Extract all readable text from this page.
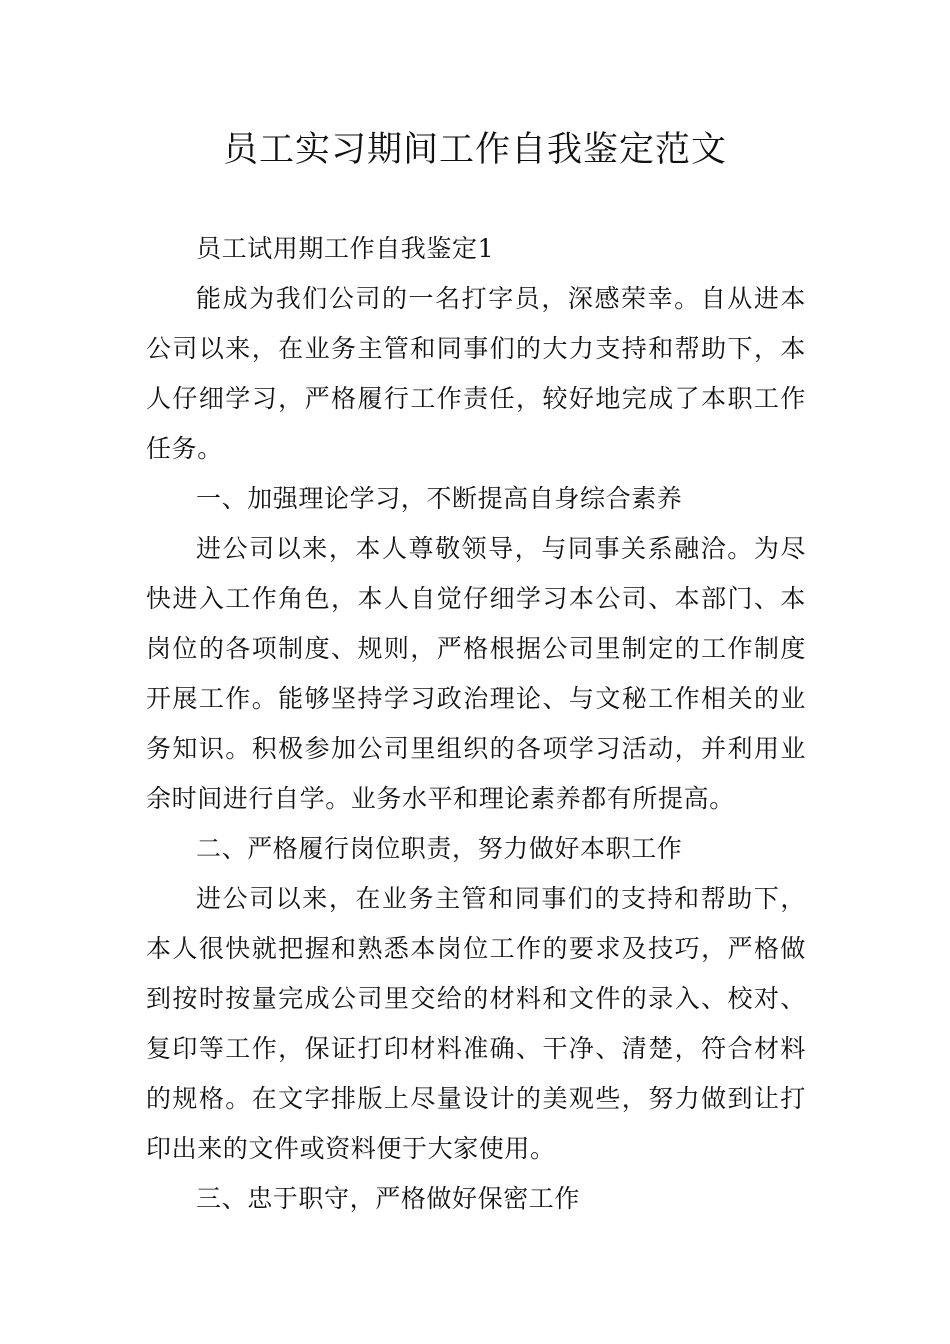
员工实习期间工作自我鉴定范文

员工试用期工作自我鉴定1

能成为我们公司的一名打字员，深感荣幸。自从进本公司以来，在业务主管和同事们的大力支持和帮助下，本人仔细学习，严格履行工作责任，较好地完成了本职工作任务。

一、加强理论学习，不断提高自身综合素养

进公司以来，本人尊敬领导，与同事关系融洽。为尽快进入工作角色，本人自觉仔细学习本公司、本部门、本岗位的各项制度、规则，严格根据公司里制定的工作制度开展工作。能够坚持学习政治理论、与文秘工作相关的业务知识。积极参加公司里组织的各项学习活动，并利用业余时间进行自学。业务水平和理论素养都有所提高。

二、严格履行岗位职责，努力做好本职工作

进公司以来，在业务主管和同事们的支持和帮助下，本人很快就把握和熟悉本岗位工作的要求及技巧，严格做到按时按量完成公司里交给的材料和文件的录入、校对、复印等工作，保证打印材料准确、干净、清楚，符合材料的规格。在文字排版上尽量设计的美观些，努力做到让打印出来的文件或资料便于大家使用。

三、忠于职守，严格做好保密工作
